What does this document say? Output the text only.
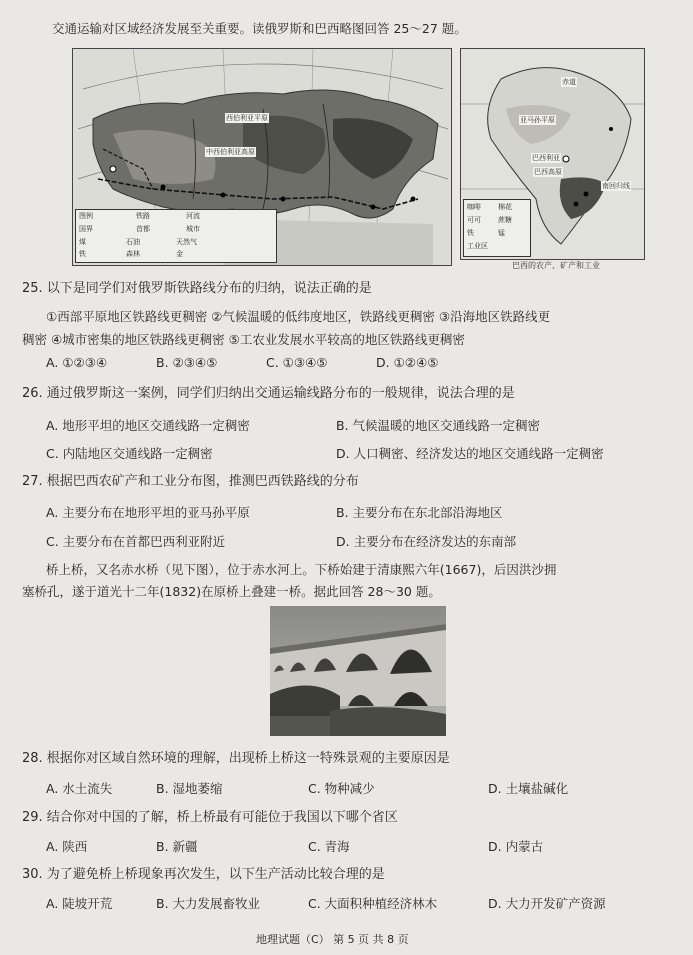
交通运输对区域经济发展至关重要。读俄罗斯和巴西略图回答 25～27 题。
西伯利亚平原
中西伯利亚高原
图例	铁路	河流
国界	首都	城市
煤	石油	天然气
铁	森林	金
赤道
亚马孙平原
巴西利亚
巴西高原
南回归线
咖啡 棉花
可可 蔗糖
铁	锰
工业区
巴西的农产、矿产和工业
25. 以下是同学们对俄罗斯铁路线分布的归纳，说法正确的是
①西部平原地区铁路线更稠密 ②气候温暖的低纬度地区，铁路线更稠密 ③沿海地区铁路线更
稠密 ④城市密集的地区铁路线更稠密 ⑤工农业发展水平较高的地区铁路线更稠密
A. ①②③④	B. ②③④⑤	C. ①③④⑤	D. ①②④⑤
26. 通过俄罗斯这一案例，同学们归纳出交通运输线路分布的一般规律，说法合理的是
A. 地形平坦的地区交通线路一定稠密	B. 气候温暖的地区交通线路一定稠密
C. 内陆地区交通线路一定稠密	D. 人口稠密、经济发达的地区交通线路一定稠密
27. 根据巴西农矿产和工业分布图，推测巴西铁路线的分布
A. 主要分布在地形平坦的亚马孙平原	B. 主要分布在东北部沿海地区
C. 主要分布在首都巴西利亚附近	D. 主要分布在经济发达的东南部
桥上桥，又名赤水桥（见下图），位于赤水河上。下桥始建于清康熙六年(1667)，后因洪沙拥
塞桥孔，遂于道光十二年(1832)在原桥上叠建一桥。据此回答 28～30 题。
28. 根据你对区域自然环境的理解，出现桥上桥这一特殊景观的主要原因是
A. 水土流失	B. 湿地萎缩	C. 物种减少	D. 土壤盐碱化
29. 结合你对中国的了解，桥上桥最有可能位于我国以下哪个省区
A. 陕西	B. 新疆	C. 青海	D. 内蒙古
30. 为了避免桥上桥现象再次发生，以下生产活动比较合理的是
A. 陡坡开荒	B. 大力发展畜牧业	C. 大面积种植经济林木	D. 大力开发矿产资源
地理试题（C） 第 5 页 共 8 页
